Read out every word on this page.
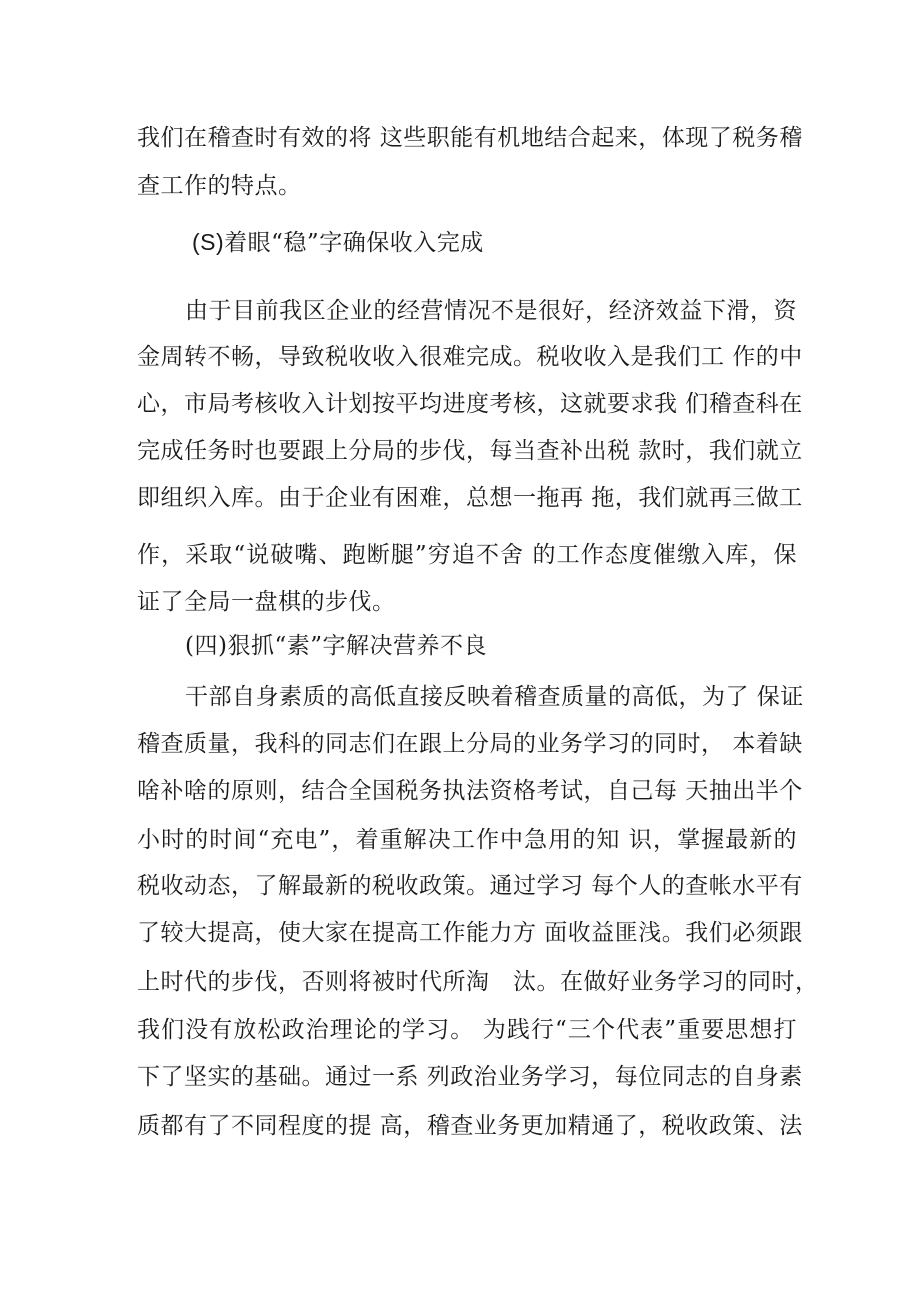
我们在稽查时有效的将 这些职能有机地结合起来，体现了税务稽

查工作的特点。

(S)着眼“稳”字确保收入完成

由于目前我区企业的经营情况不是很好，经济效益下滑，资

金周转不畅，导致税收收入很难完成。税收收入是我们工 作的中

心，市局考核收入计划按平均进度考核，这就要求我 们稽查科在

完成任务时也要跟上分局的步伐，每当查补出税 款时，我们就立

即组织入库。由于企业有困难，总想一拖再 拖，我们就再三做工

作，采取“说破嘴、跑断腿”穷追不舍 的工作态度催缴入库，保

证了全局一盘棋的步伐。

(四)狠抓“素”字解决营养不良

干部自身素质的高低直接反映着稽查质量的高低，为了 保证

稽查质量，我科的同志们在跟上分局的业务学习的同时， 本着缺

啥补啥的原则，结合全国税务执法资格考试，自己每 天抽出半个

小时的时间“充电”，着重解决工作中急用的知 识，掌握最新的

税收动态，了解最新的税收政策。通过学习 每个人的查帐水平有

了较大提高，使大家在提高工作能力方 面收益匪浅。我们必须跟

上时代的步伐，否则将被时代所淘　汰。在做好业务学习的同时，

我们没有放松政治理论的学习。 为践行“三个代表”重要思想打

下了坚实的基础。通过一系 列政治业务学习，每位同志的自身素

质都有了不同程度的提 高，稽查业务更加精通了，税收政策、法
